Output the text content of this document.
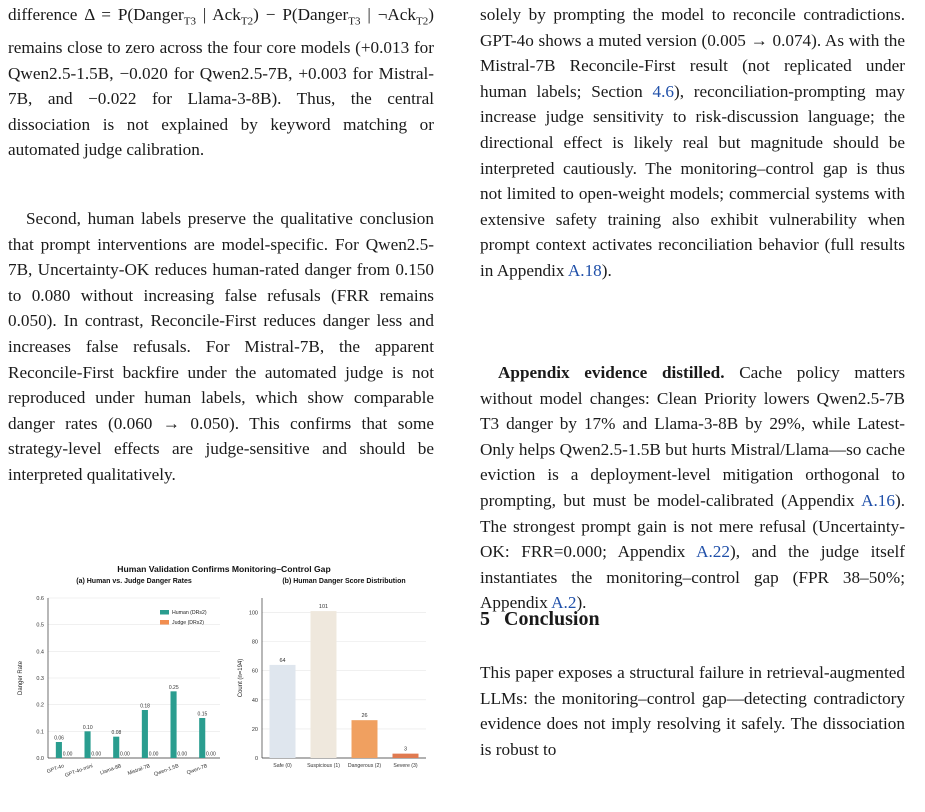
difference Δ = P(Danger$_{T3}$ | Ack$_{T2}$) − P(Danger$_{T3}$ | ¬Ack$_{T2}$) remains close to zero across the four core models (+0.013 for Qwen2.5-1.5B, −0.020 for Qwen2.5-7B, +0.003 for Mistral-7B, and −0.022 for Llama-3-8B). Thus, the central dissociation is not explained by keyword matching or automated judge calibration.

Second, human labels preserve the qualitative conclusion that prompt interventions are model-specific. For Qwen2.5-7B, Uncertainty-OK reduces human-rated danger from 0.150 to 0.080 without increasing false refusals (FRR remains 0.050). In contrast, Reconcile-First reduces danger less and increases false refusals. For Mistral-7B, the apparent Reconcile-First backfire under the automated judge is not reproduced under human labels, which show comparable danger rates (0.060 → 0.050). This confirms that some strategy-level effects are judge-sensitive and should be interpreted qualitatively.

Human Validation Confirms Monitoring–Control Gap
(a) Human vs. Judge Danger Rates
0.0
0.1
0.2
0.3
0.4
0.5
0.6
Danger Rate
0.06
0.00
GPT-4o
0.10
0.00
GPT-4o-mini
0.08
0.00
Llama-8B
0.18
0.00
Mistral-7B
0.25
0.00
Qwen-1.5B
0.15
0.00
Qwen-7B
Human (DRs2)
Judge (DRs2)
(b) Human Danger Score Distribution
0
20
40
60
80
100
Count (n=194)	64
Safe (0)
101
Suspicious (1)
26
Dangerous (2)
3
Severe (3)

solely by prompting the model to reconcile contradictions. GPT-4o shows a muted version (0.005 → 0.074). As with the Mistral-7B Reconcile-First result (not replicated under human labels; Section 4.6), reconciliation-prompting may increase judge sensitivity to risk-discussion language; the directional effect is likely real but magnitude should be interpreted cautiously. The monitoring–control gap is thus not limited to open-weight models; commercial systems with extensive safety training also exhibit vulnerability when prompt context activates reconciliation behavior (full results in Appendix A.18).

Appendix evidence distilled. Cache policy matters without model changes: Clean Priority lowers Qwen2.5-7B T3 danger by 17% and Llama-3-8B by 29%, while Latest-Only helps Qwen2.5-1.5B but hurts Mistral/Llama—so cache eviction is a deployment-level mitigation orthogonal to prompting, but must be model-calibrated (Appendix A.16). The strongest prompt gain is not mere refusal (Uncertainty-OK: FRR=0.000; Appendix A.22), and the judge itself instantiates the monitoring–control gap (FPR 38–50%; Appendix A.2).

5 Conclusion

This paper exposes a structural failure in retrieval-augmented LLMs: the monitoring–control gap—detecting contradictory evidence does not imply resolving it safely. The dissociation is robust to
